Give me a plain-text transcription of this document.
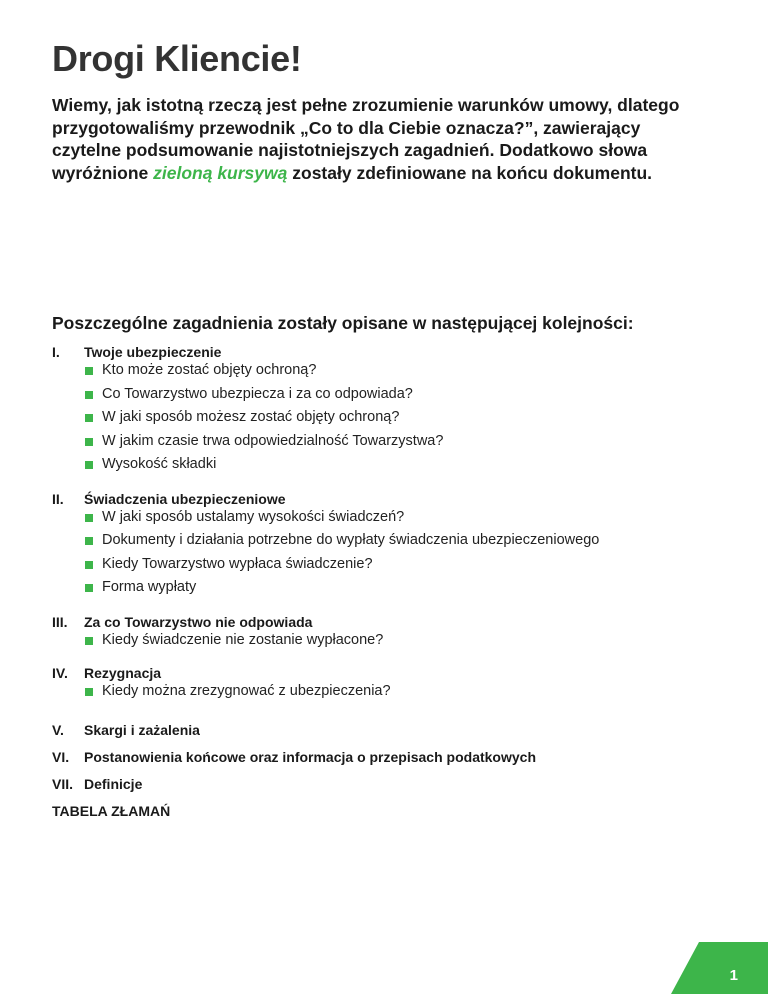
Drogi Kliencie!

Wiemy, jak istotną rzeczą jest pełne zrozumienie warunków umowy, dlatego przygotowaliśmy przewodnik „Co to dla Ciebie oznacza?”, zawierający czytelne podsumowanie najistotniejszych zagadnień. Dodatkowo słowa wyróżnione zieloną kursywą zostały zdefiniowane na końcu dokumentu.

Poszczególne zagadnienia zostały opisane w następującej kolejności:
I. Twoje ubezpieczenie
Kto może zostać objęty ochroną?
Co Towarzystwo ubezpiecza i za co odpowiada?
W jaki sposób możesz zostać objęty ochroną?
W jakim czasie trwa odpowiedzialność Towarzystwa?
Wysokość składki
II. Świadczenia ubezpieczeniowe
W jaki sposób ustalamy wysokości świadczeń?
Dokumenty i działania potrzebne do wypłaty świadczenia ubezpieczeniowego
Kiedy Towarzystwo wypłaca świadczenie?
Forma wypłaty
III. Za co Towarzystwo nie odpowiada
Kiedy świadczenie nie zostanie wypłacone?
IV. Rezygnacja
Kiedy można zrezygnować z ubezpieczenia?
V. Skargi i zażalenia
VI. Postanowienia końcowe oraz informacja o przepisach podatkowych
VII. Definicje
TABELA ZŁAMAŃ
1
